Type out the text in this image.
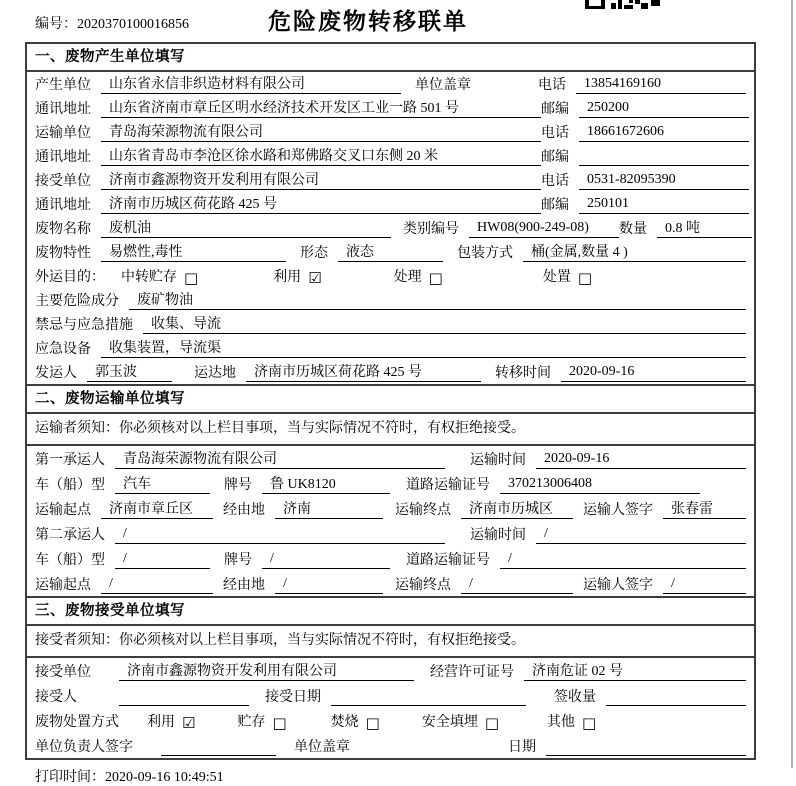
编号：2020370100016856	危险废物转移联单
一、废物产生单位填写
产生单位	山东省永信非织造材料有限公司	单位盖章	电话	13854169160
通讯地址	山东省济南市章丘区明水经济技术开发区工业一路 501 号	邮编	250200
运输单位	青岛海荣源物流有限公司	电话	18661672606
通讯地址	山东省青岛市李沧区徐水路和郑佛路交叉口东侧 20 米	邮编
接受单位	济南市鑫源物资开发利用有限公司	电话	0531-82095390
通讯地址	济南市历城区荷花路 425 号	邮编	250101
废物名称	废机油	类别编号	HW08(900-249-08)	数量	0.8 吨
废物特性	易燃性,毒性	形态	液态	包装方式	桶(金属,数量 4 )
外运目的： 中转贮存 □	利用 ☑	处理 □	处置 □
主要危险成分	废矿物油
禁忌与应急措施	收集、导流
应急设备	收集装置，导流渠
发运人	郭玉波	运达地	济南市历城区荷花路 425 号	转移时间	2020-09-16
二、废物运输单位填写
运输者须知：你必须核对以上栏目事项，当与实际情况不符时，有权拒绝接受。
第一承运人	青岛海荣源物流有限公司	运输时间	2020-09-16
车（船）型	汽车	牌号	鲁 UK8120	道路运输证号	370213006408
运输起点	济南市章丘区	经由地	济南	运输终点	济南市历城区	运输人签字	张春雷
第二承运人	/	运输时间	/
车（船）型	/	牌号	/	道路运输证号	/
运输起点	/	经由地	/	运输终点	/	运输人签字	/
三、废物接受单位填写
接受者须知：你必须核对以上栏目事项，当与实际情况不符时，有权拒绝接受。
接受单位	济南市鑫源物资开发利用有限公司	经营许可证号	济南危证 02 号
接受人	接受日期	签收量
废物处置方式 利用 ☑	贮存 □	焚烧 □	安全填埋 □	其他 □
单位负责人签字	单位盖章	日期
打印时间：2020-09-16 10:49:51
